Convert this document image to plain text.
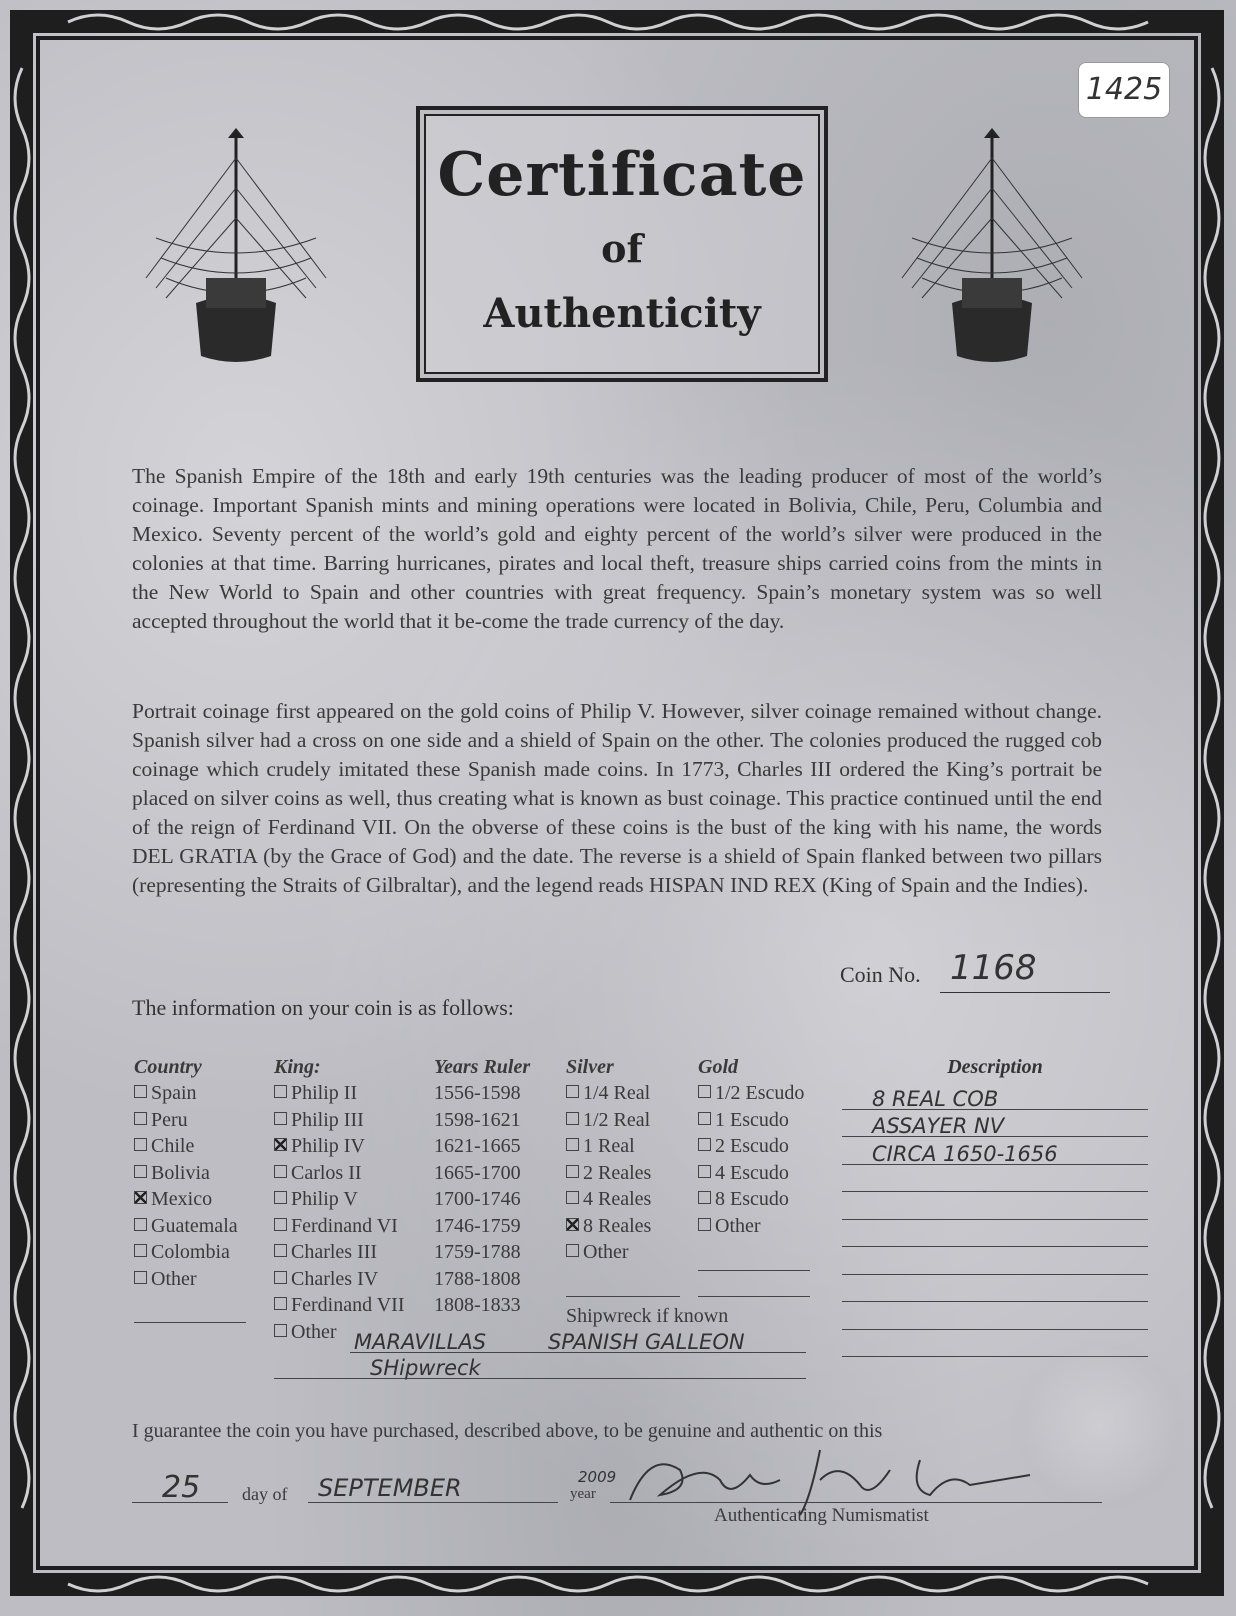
1425
Certificate
of
Authenticity

The Spanish Empire of the 18th and early 19th centuries was the leading producer of most of the world’s coinage. Important Spanish mints and mining operations were located in Bolivia, Chile, Peru, Columbia and Mexico. Seventy percent of the world’s gold and eighty percent of the world’s silver were produced in the colonies at that time. Barring hurricanes, pirates and local theft, treasure ships carried coins from the mints in the New World to Spain and other countries with great frequency. Spain’s monetary system was so well accepted throughout the world that it be-come the trade currency of the day.

Portrait coinage first appeared on the gold coins of Philip V. However, silver coinage remained without change. Spanish silver had a cross on one side and a shield of Spain on the other. The colonies produced the rugged cob coinage which crudely imitated these Spanish made coins. In 1773, Charles III ordered the King’s portrait be placed on silver coins as well, thus creating what is known as bust coinage. This practice continued until the end of the reign of Ferdinand VII. On the obverse of these coins is the bust of the king with his name, the words DEL GRATIA (by the Grace of God) and the date. The reverse is a shield of Spain flanked between two pillars (representing the Straits of Gilbraltar), and the legend reads HISPAN IND REX (King of Spain and the Indies).

Coin No. 1168
The information on your coin is as follows:
Country
Spain
Peru
Chile
Bolivia
Mexico
Guatemala
Colombia
Other
King:
Philip II
Philip III
Philip IV
Carlos II
Philip V
Ferdinand VI
Charles III
Charles IV
Ferdinand VII
Other
Years Ruler
1556-1598
1598-1621
1621-1665
1665-1700
1700-1746
1746-1759
1759-1788
1788-1808
1808-1833
Silver
1/4 Real
1/2 Real
1 Real
2 Reales
4 Reales
8 Reales
Other
Gold
1/2 Escudo
1 Escudo
2 Escudo
4 Escudo
8 Escudo
Other
Shipwreck if known
MARAVILLAS	SPANISH GALLEON
SHipwreck
Description
8 REAL COB
ASSAYER NV
CIRCA 1650-1656
I guarantee the coin you have purchased, described above, to be genuine and authentic on this
25 day of SEPTEMBER	year
2009
Authenticating Numismatist
